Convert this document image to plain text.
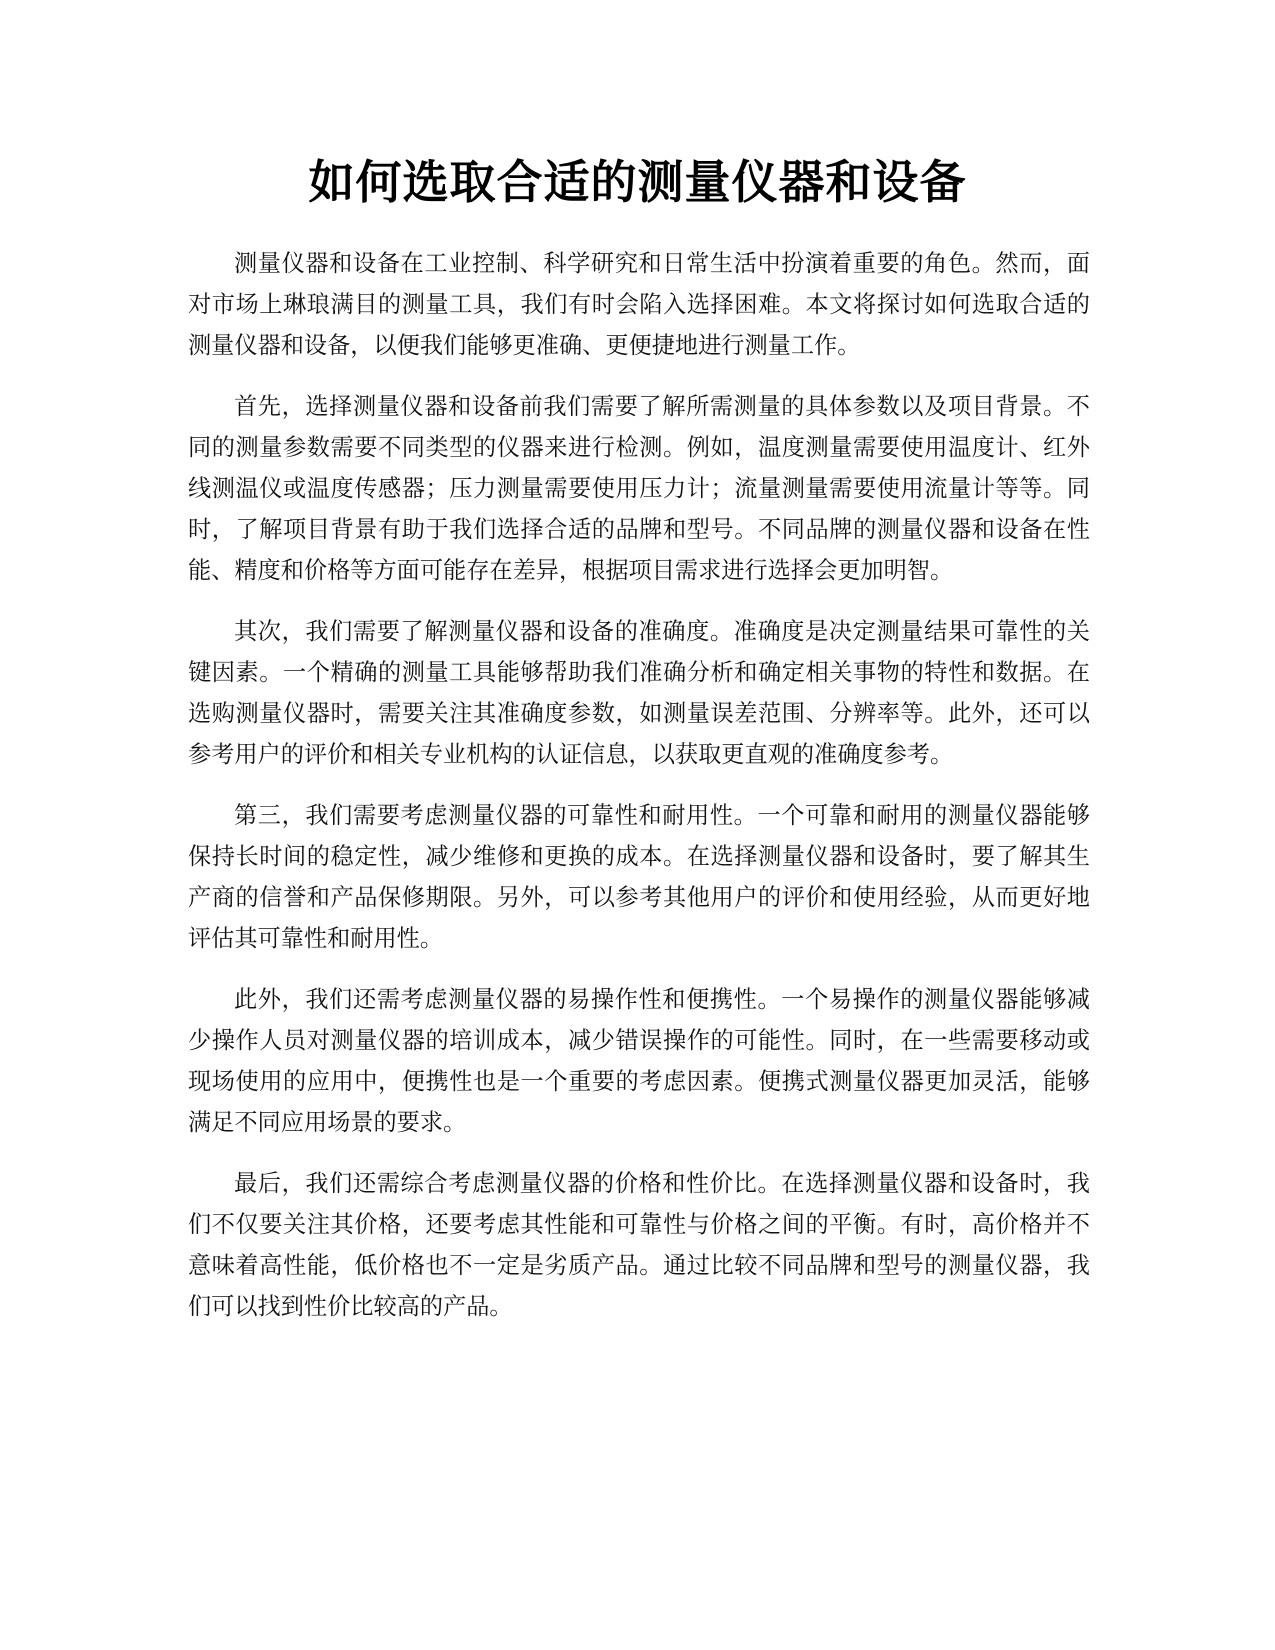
如何选取合适的测量仪器和设备

测量仪器和设备在工业控制、科学研究和日常生活中扮演着重要的角色。然而，面对市场上琳琅满目的测量工具，我们有时会陷入选择困难。本文将探讨如何选取合适的测量仪器和设备，以便我们能够更准确、更便捷地进行测量工作。

首先，选择测量仪器和设备前我们需要了解所需测量的具体参数以及项目背景。不同的测量参数需要不同类型的仪器来进行检测。例如，温度测量需要使用温度计、红外线测温仪或温度传感器；压力测量需要使用压力计；流量测量需要使用流量计等等。同时，了解项目背景有助于我们选择合适的品牌和型号。不同品牌的测量仪器和设备在性能、精度和价格等方面可能存在差异，根据项目需求进行选择会更加明智。

其次，我们需要了解测量仪器和设备的准确度。准确度是决定测量结果可靠性的关键因素。一个精确的测量工具能够帮助我们准确分析和确定相关事物的特性和数据。在选购测量仪器时，需要关注其准确度参数，如测量误差范围、分辨率等。此外，还可以参考用户的评价和相关专业机构的认证信息，以获取更直观的准确度参考。

第三，我们需要考虑测量仪器的可靠性和耐用性。一个可靠和耐用的测量仪器能够保持长时间的稳定性，减少维修和更换的成本。在选择测量仪器和设备时，要了解其生产商的信誉和产品保修期限。另外，可以参考其他用户的评价和使用经验，从而更好地评估其可靠性和耐用性。

此外，我们还需考虑测量仪器的易操作性和便携性。一个易操作的测量仪器能够减少操作人员对测量仪器的培训成本，减少错误操作的可能性。同时，在一些需要移动或现场使用的应用中，便携性也是一个重要的考虑因素。便携式测量仪器更加灵活，能够满足不同应用场景的要求。

最后，我们还需综合考虑测量仪器的价格和性价比。在选择测量仪器和设备时，我们不仅要关注其价格，还要考虑其性能和可靠性与价格之间的平衡。有时，高价格并不意味着高性能，低价格也不一定是劣质产品。通过比较不同品牌和型号的测量仪器，我们可以找到性价比较高的产品。
